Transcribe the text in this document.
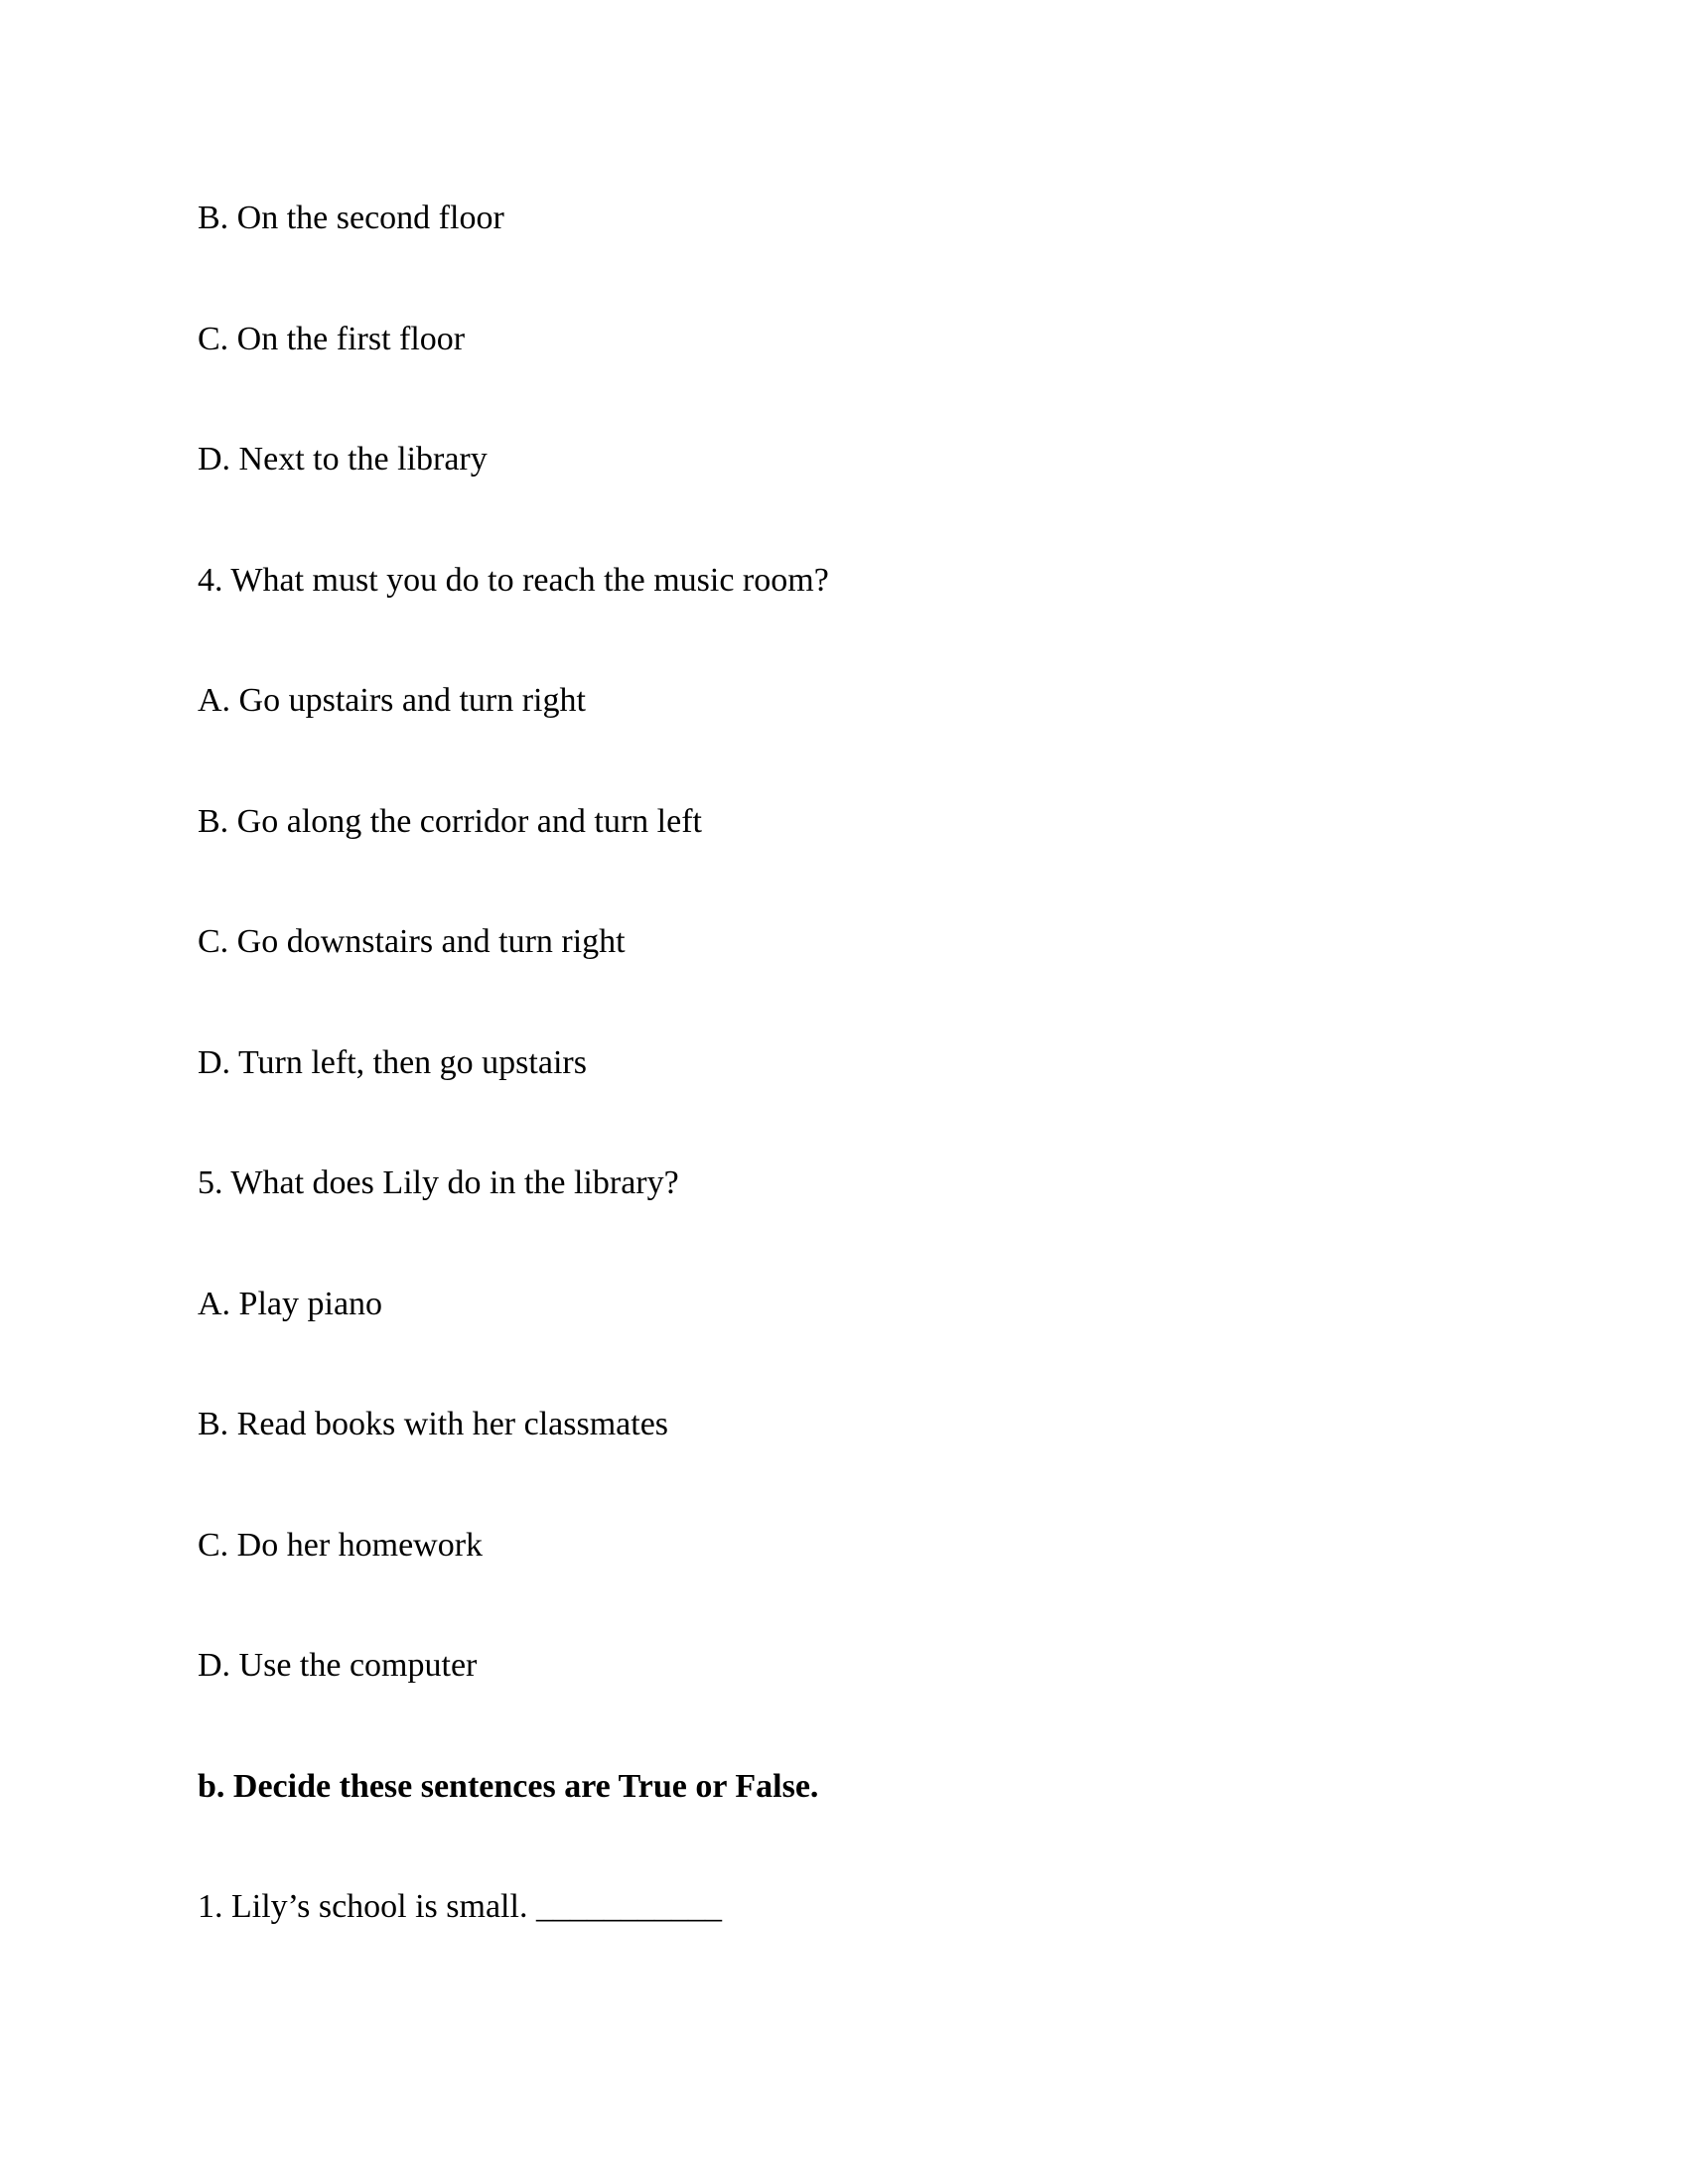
B. On the second floor

C. On the first floor

D. Next to the library

4. What must you do to reach the music room?

A. Go upstairs and turn right

B. Go along the corridor and turn left

C. Go downstairs and turn right

D. Turn left, then go upstairs

5. What does Lily do in the library?

A. Play piano

B. Read books with her classmates

C. Do her homework

D. Use the computer

b. Decide these sentences are True or False.

1. Lily’s school is small. ___________
